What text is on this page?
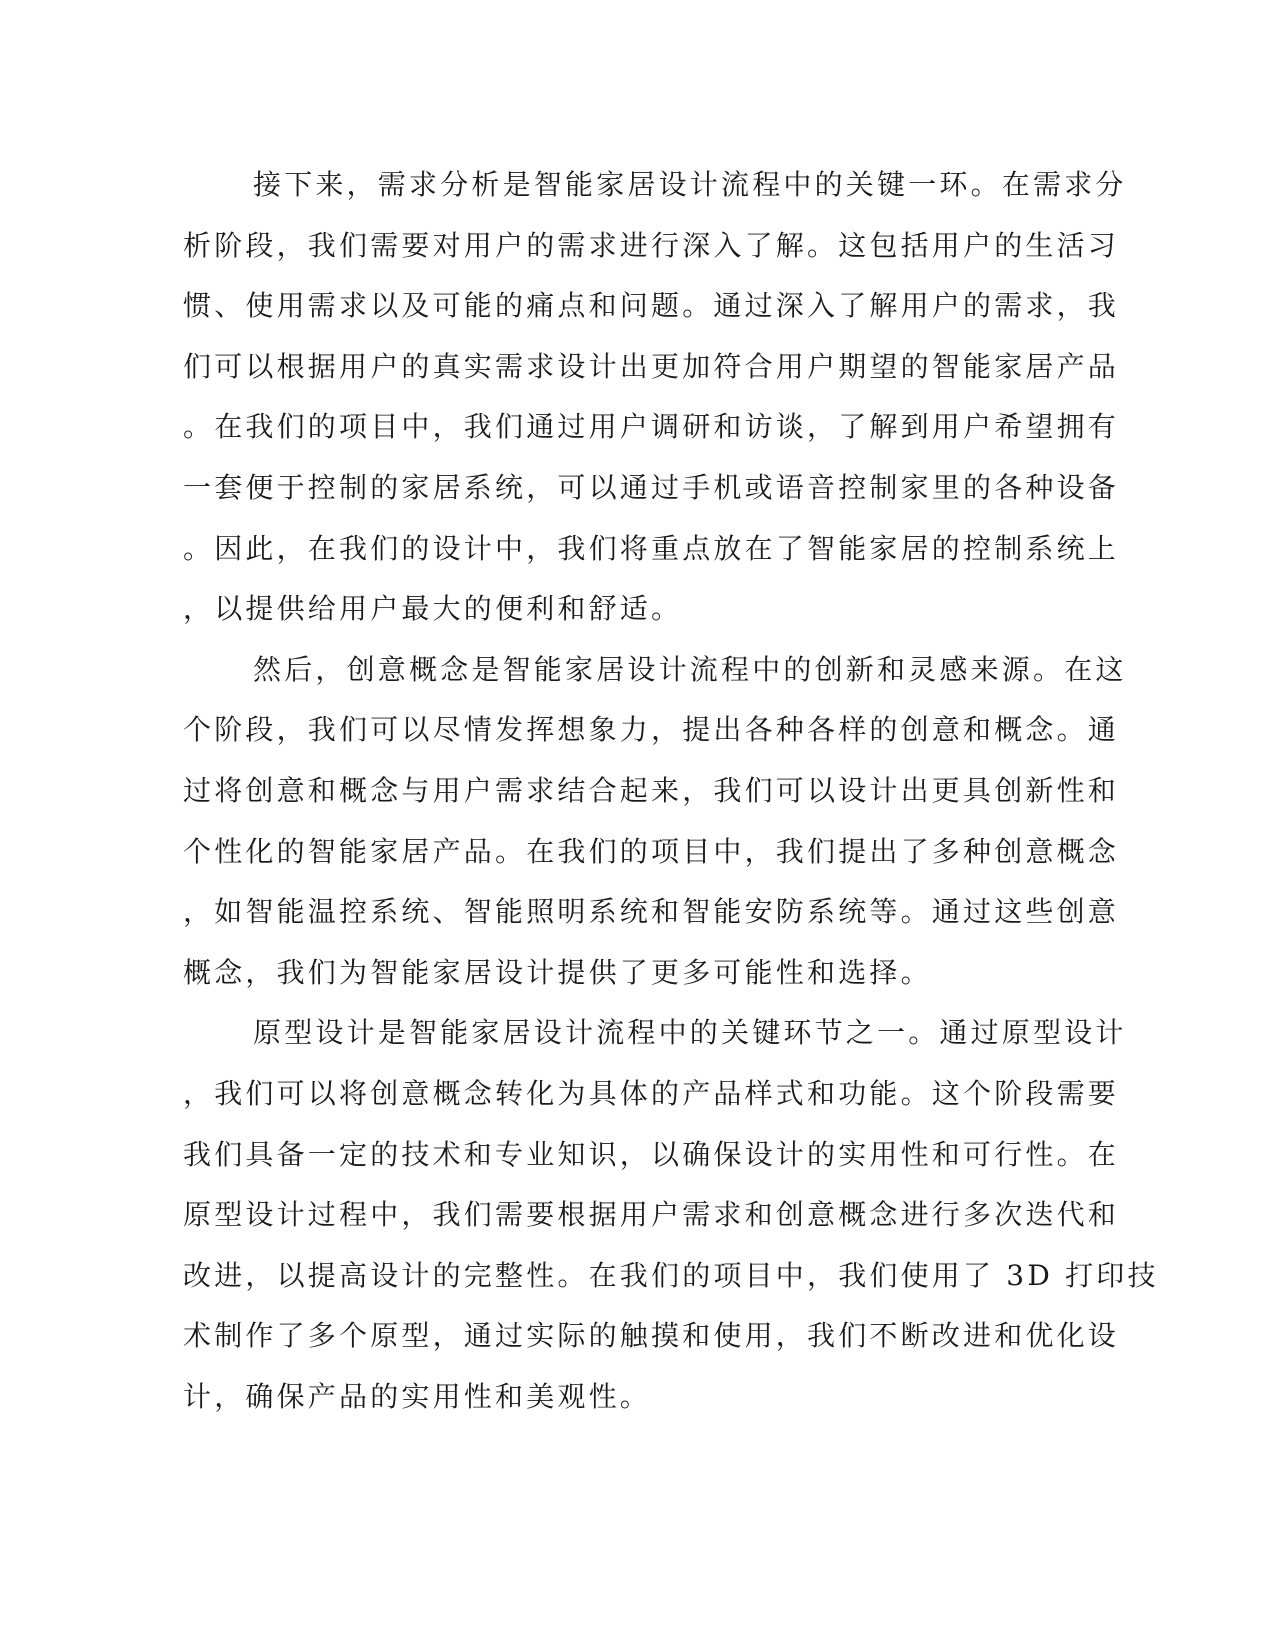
接下来，需求分析是智能家居设计流程中的关键一环。在需求分
析阶段，我们需要对用户的需求进行深入了解。这包括用户的生活习
惯、使用需求以及可能的痛点和问题。通过深入了解用户的需求，我
们可以根据用户的真实需求设计出更加符合用户期望的智能家居产品
。在我们的项目中，我们通过用户调研和访谈，了解到用户希望拥有
一套便于控制的家居系统，可以通过手机或语音控制家里的各种设备
。因此，在我们的设计中，我们将重点放在了智能家居的控制系统上
，以提供给用户最大的便利和舒适。
然后，创意概念是智能家居设计流程中的创新和灵感来源。在这
个阶段，我们可以尽情发挥想象力，提出各种各样的创意和概念。通
过将创意和概念与用户需求结合起来，我们可以设计出更具创新性和
个性化的智能家居产品。在我们的项目中，我们提出了多种创意概念
，如智能温控系统、智能照明系统和智能安防系统等。通过这些创意
概念，我们为智能家居设计提供了更多可能性和选择。
原型设计是智能家居设计流程中的关键环节之一。通过原型设计
，我们可以将创意概念转化为具体的产品样式和功能。这个阶段需要
我们具备一定的技术和专业知识，以确保设计的实用性和可行性。在
原型设计过程中，我们需要根据用户需求和创意概念进行多次迭代和
改进，以提高设计的完整性。在我们的项目中，我们使用了 3D 打印技
术制作了多个原型，通过实际的触摸和使用，我们不断改进和优化设
计，确保产品的实用性和美观性。
